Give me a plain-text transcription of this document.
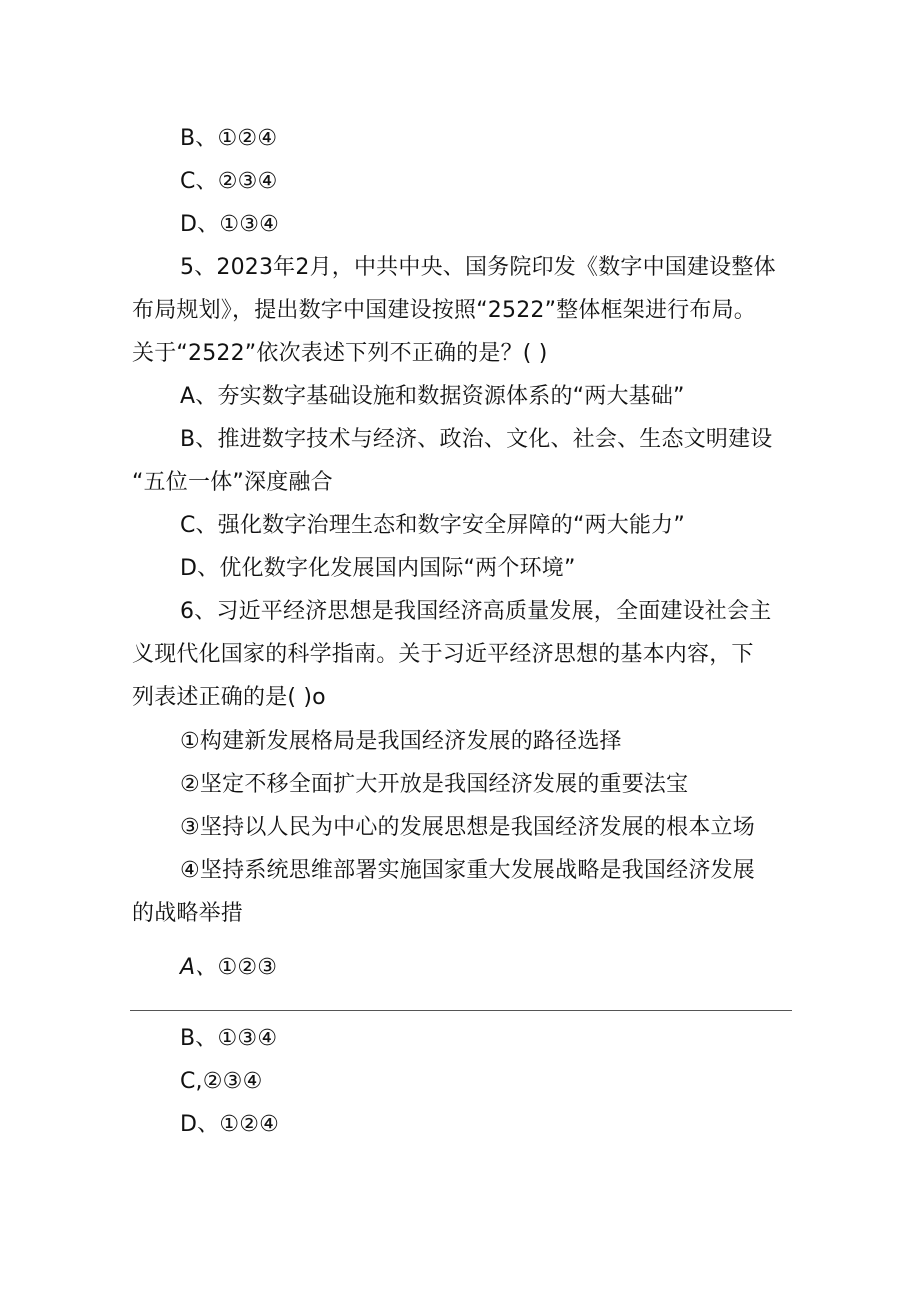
B、①②④
C、②③④
D、①③④
5、2023年2月，中共中央、国务院印发《数字中国建设整体
布局规划》，提出数字中国建设按照“2522”整体框架进行布局。
关于“2522”依次表述下列不正确的是？( )
A、夯实数字基础设施和数据资源体系的“两大基础”
B、推进数字技术与经济、政治、文化、社会、生态文明建设
“五位一体”深度融合
C、强化数字治理生态和数字安全屏障的“两大能力”
D、优化数字化发展国内国际“两个环境”
6、习近平经济思想是我国经济高质量发展，全面建设社会主
义现代化国家的科学指南。关于习近平经济思想的基本内容，下
列表述正确的是( )o
①构建新发展格局是我国经济发展的路径选择
②坚定不移全面扩大开放是我国经济发展的重要法宝
③坚持以人民为中心的发展思想是我国经济发展的根本立场
④坚持系统思维部署实施国家重大发展战略是我国经济发展
的战略举措
A、①②③
B、①③④
C,②③④
D、①②④
